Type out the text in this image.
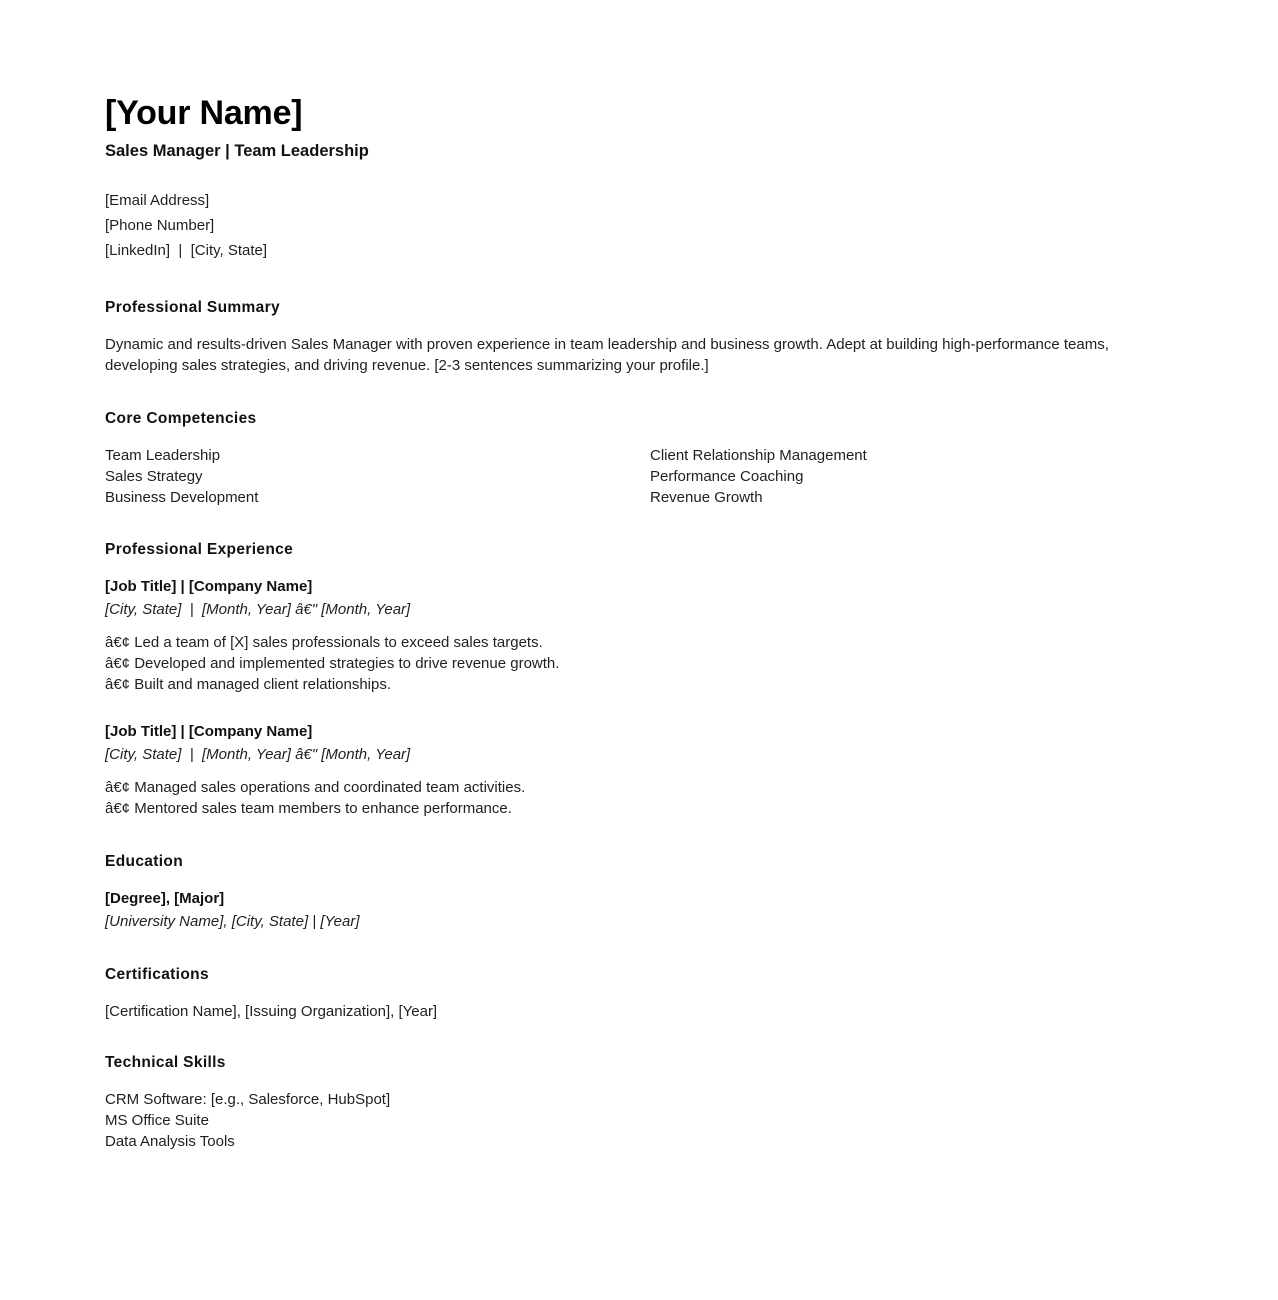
[Your Name]
Sales Manager | Team Leadership
[Email Address]
[Phone Number]
[LinkedIn]  |  [City, State]
Professional Summary

Dynamic and results-driven Sales Manager with proven experience in team leadership and business growth. Adept at building high-performance teams, developing sales strategies, and driving revenue. [2-3 sentences summarizing your profile.]

Core Competencies
Team Leadership
Sales Strategy
Business Development
Client Relationship Management
Performance Coaching
Revenue Growth
Professional Experience
[Job Title] | [Company Name]
[City, State]  |  [Month, Year] â€" [Month, Year]
â€¢ Led a team of [X] sales professionals to exceed sales targets.
â€¢ Developed and implemented strategies to drive revenue growth.
â€¢ Built and managed client relationships.
[Job Title] | [Company Name]
[City, State]  |  [Month, Year] â€" [Month, Year]
â€¢ Managed sales operations and coordinated team activities.
â€¢ Mentored sales team members to enhance performance.
Education
[Degree], [Major]
[University Name], [City, State] | [Year]
Certifications
[Certification Name], [Issuing Organization], [Year]
Technical Skills
CRM Software: [e.g., Salesforce, HubSpot]
MS Office Suite
Data Analysis Tools
